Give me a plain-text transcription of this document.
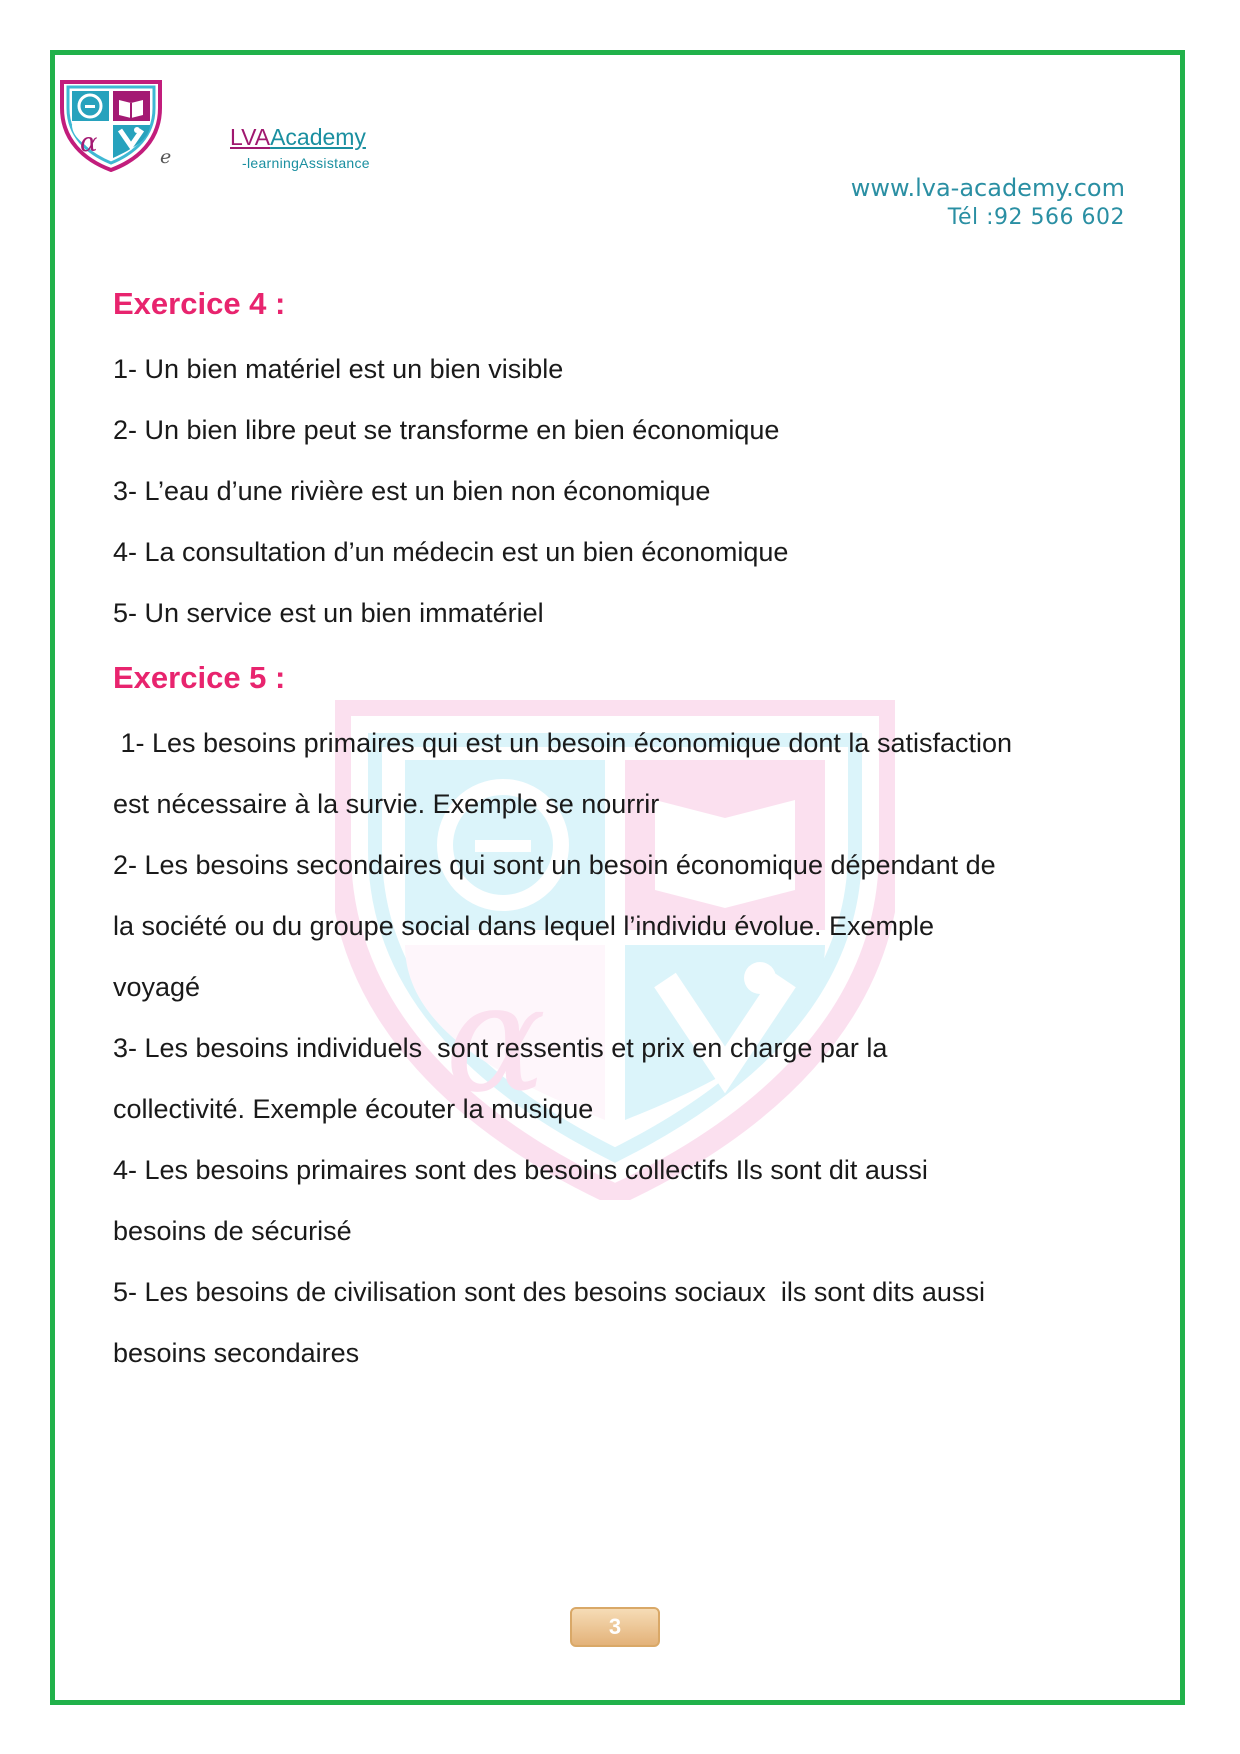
α	e
LVAAcademy
-learningAssistance
www.lva-academy.com
Tél :92 566 602
α
Exercice 4 :
1- Un bien matériel est un bien visible
2- Un bien libre peut se transforme en bien économique
3- L’eau d’une rivière est un bien non économique
4- La consultation d’un médecin est un bien économique
5- Un service est un bien immatériel
Exercice 5 :
1- Les besoins primaires qui est un besoin économique dont la satisfaction
est nécessaire à la survie. Exemple se nourrir
2- Les besoins secondaires qui sont un besoin économique dépendant de
la société ou du groupe social dans lequel l’individu évolue. Exemple
voyagé
3- Les besoins individuels  sont ressentis et prix en charge par la
collectivité. Exemple écouter la musique
4- Les besoins primaires sont des besoins collectifs Ils sont dit aussi
besoins de sécurisé
5- Les besoins de civilisation sont des besoins sociaux  ils sont dits aussi
besoins secondaires
3
